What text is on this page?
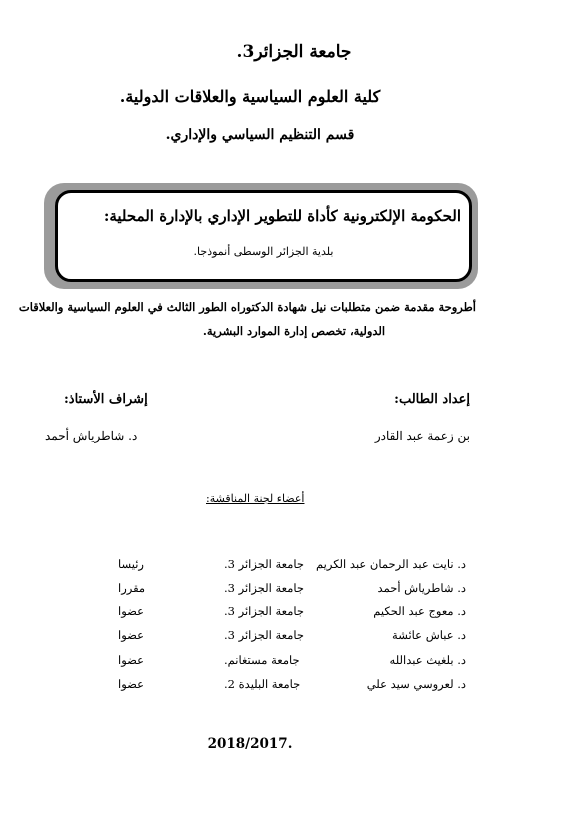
جامعة الجزائر3.
كلية العلوم السياسية والعلاقات الدولية.
قسم التنظيم السياسي والإداري.
الحكومة الإلكترونية كأداة للتطوير الإداري بالإدارة المحلية:
بلدية الجزائر الوسطى أنموذجا.
أطروحة مقدمة ضمن متطلبات نيل شهادة الدكتوراه الطور الثالث في العلوم السياسية والعلاقات
الدولية، تخصص إدارة الموارد البشرية.
إعداد الطالب:
بن زعمة عبد القادر
إشراف الأستاذ:
د. شاطرياش أحمد
أعضاء لجنة المناقشة:
د. نايت عبد الرحمان عبد الكريم
جامعة الجزائر 3.
رئيسا
د. شاطرياش أحمد
جامعة الجزائر 3.
مقررا
د. معوج عبد الحكيم
جامعة الجزائر 3.
عضوا
د. عباش عائشة
جامعة الجزائر 3.
عضوا
د. بلغيث عبدالله
جامعة مستغانم.
عضوا
د. لعروسي سيد علي
جامعة البليدة 2.
عضوا
.2018/2017
